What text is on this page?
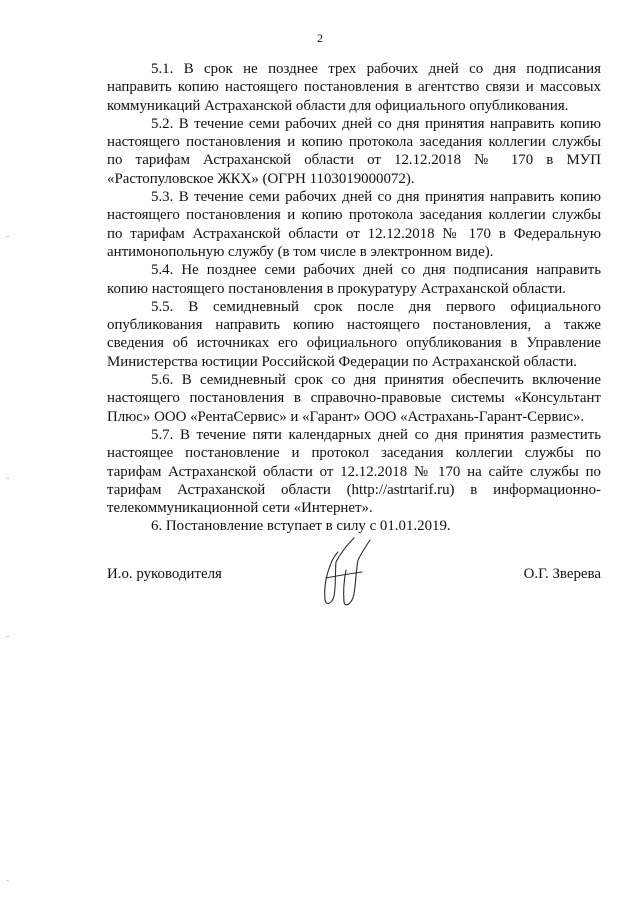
2

5.1. В срок не позднее трех рабочих дней со дня подписания направить копию настоящего постановления в агентство связи и массовых коммуникаций Астраханской области для официального опубликования.

5.2. В течение семи рабочих дней со дня принятия направить копию настоящего постановления и копию протокола заседания коллегии службы по тарифам Астраханской области от 12.12.2018 № 170 в МУП «Растопуловское ЖКХ» (ОГРН 1103019000072).

5.3. В течение семи рабочих дней со дня принятия направить копию настоящего постановления и копию протокола заседания коллегии службы по тарифам Астраханской области от 12.12.2018 № 170 в Федеральную антимонопольную службу (в том числе в электронном виде).

5.4. Не позднее семи рабочих дней со дня подписания направить копию настоящего постановления в прокуратуру Астраханской области.

5.5. В семидневный срок после дня первого официального опубликования направить копию настоящего постановления, а также сведения об источниках его официального опубликования в Управление Министерства юстиции Российской Федерации по Астраханской области.

5.6. В семидневный срок со дня принятия обеспечить включение настоящего постановления в справочно-правовые системы «Консультант Плюс» ООО «РентаСервис» и «Гарант» ООО «Астрахань-Гарант-Сервис».

5.7. В течение пяти календарных дней со дня принятия разместить настоящее постановление и протокол заседания коллегии службы по тарифам Астраханской области от 12.12.2018 № 170 на сайте службы по тарифам Астраханской области (http://astrtarif.ru) в информационно-телекоммуникационной сети «Интернет».

6. Постановление вступает в силу с 01.01.2019.

И.о. руководителя	О.Г. Зверева
